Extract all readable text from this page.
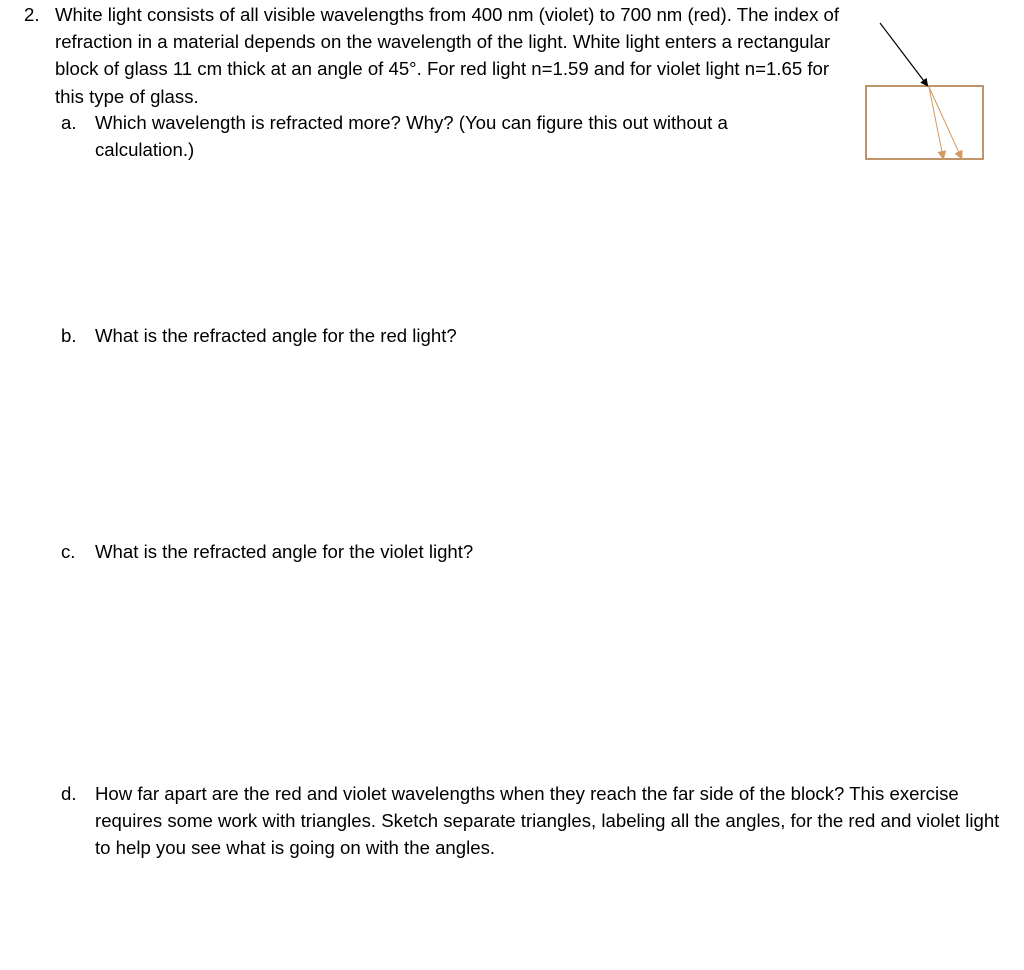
2. White light consists of all visible wavelengths from 400 nm (violet) to 700 nm (red). The index of refraction in a material depends on the wavelength of the light. White light enters a rectangular block of glass 11 cm thick at an angle of 45°. For red light n=1.59 and for violet light n=1.65 for this type of glass.
a. Which wavelength is refracted more? Why? (You can figure this out without a calculation.)
b. What is the refracted angle for the red light?
c. What is the refracted angle for the violet light?
d. How far apart are the red and violet wavelengths when they reach the far side of the block? This exercise requires some work with triangles. Sketch separate triangles, labeling all the angles, for the red and violet light to help you see what is going on with the angles.
